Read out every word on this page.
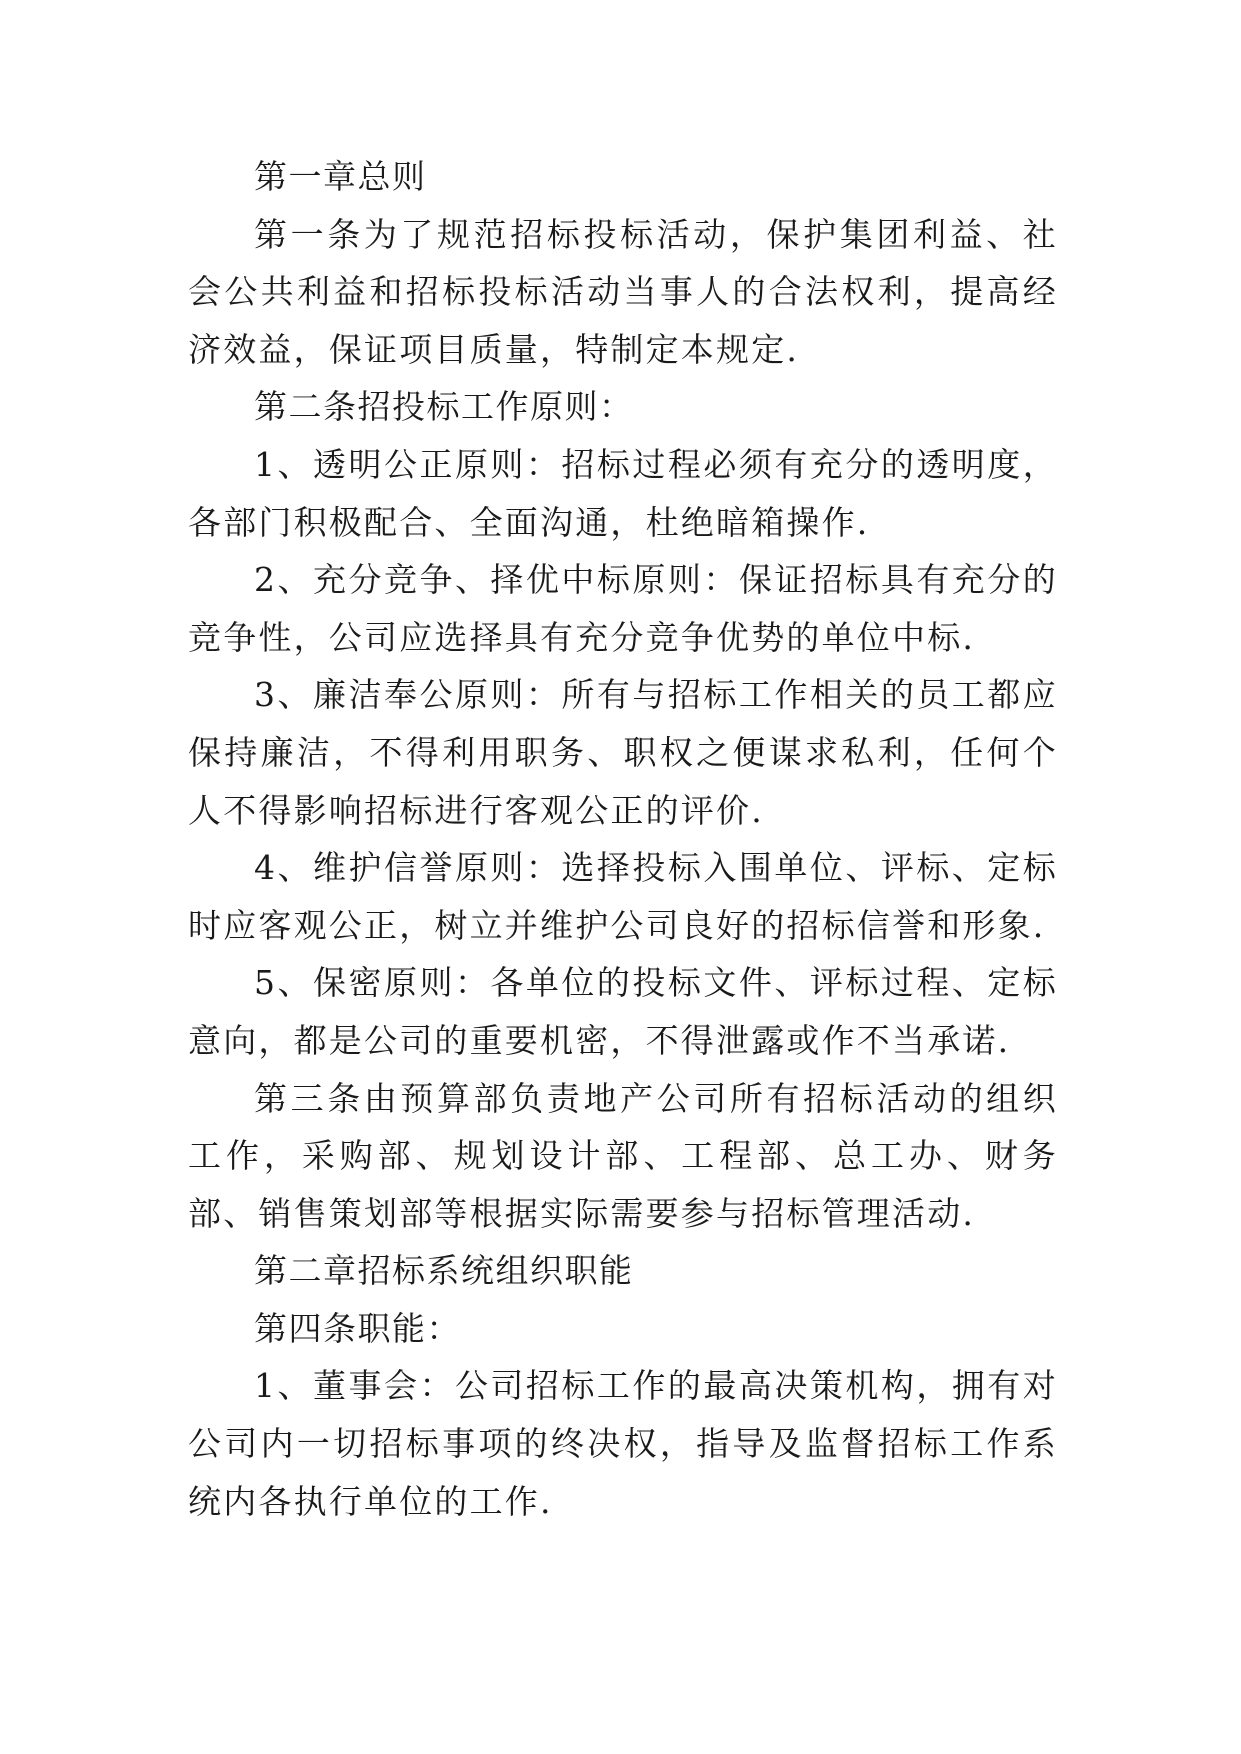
第一章总则

第一条为了规范招标投标活动，保护集团利益、社会公共利益和招标投标活动当事人的合法权利，提高经济效益，保证项目质量，特制定本规定.

第二条招投标工作原则：

1、透明公正原则：招标过程必须有充分的透明度，各部门积极配合、全面沟通，杜绝暗箱操作.

2、充分竞争、择优中标原则：保证招标具有充分的竞争性，公司应选择具有充分竞争优势的单位中标.

3、廉洁奉公原则：所有与招标工作相关的员工都应保持廉洁，不得利用职务、职权之便谋求私利，任何个人不得影响招标进行客观公正的评价.

4、维护信誉原则：选择投标入围单位、评标、定标时应客观公正，树立并维护公司良好的招标信誉和形象.

5、保密原则：各单位的投标文件、评标过程、定标意向，都是公司的重要机密，不得泄露或作不当承诺.

第三条由预算部负责地产公司所有招标活动的组织工作，采购部、规划设计部、工程部、总工办、财务部、销售策划部等根据实际需要参与招标管理活动.

第二章招标系统组织职能

第四条职能：

1、董事会：公司招标工作的最高决策机构，拥有对公司内一切招标事项的终决权，指导及监督招标工作系统内各执行单位的工作.
